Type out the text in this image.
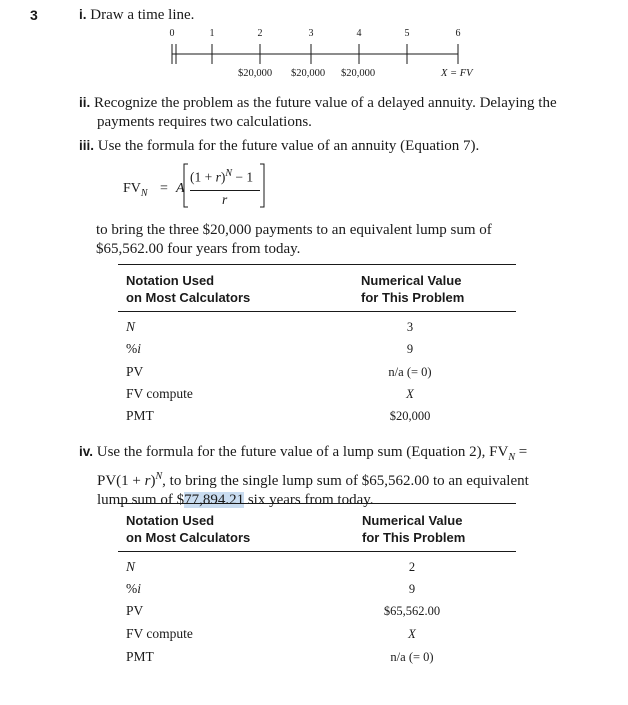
3	i. Draw a time line.
0	1	2	3	4	5	6
$20,000 $20,000 $20,000	X = FV
ii. Recognize the problem as the future value of a delayed annuity. Delaying the
payments requires two calculations.
iii. Use the formula for the future value of an annuity (Equation 7).
$FV_N = A$
$(1 + r)^N - 1$
r
to bring the three $20,000 payments to an equivalent lump sum of
$65,562.00 four years from today.
Notation Used
on Most Calculators
Numerical Value
for This Problem
N	3
%i	9
PV	n/a (= 0)
FV compute	X
PMT	$20,000
iv. Use the formula for the future value of a lump sum (Equation 2), $FV_N$ =
$PV(1 + r)^N$, to bring the single lump sum of $65,562.00 to an equivalent
lump sum of $77,894.21 six years from today.
Notation Used
on Most Calculators
Numerical Value
for This Problem
N	2
%i	9
PV	$65,562.00
FV compute	X
PMT	n/a (= 0)
